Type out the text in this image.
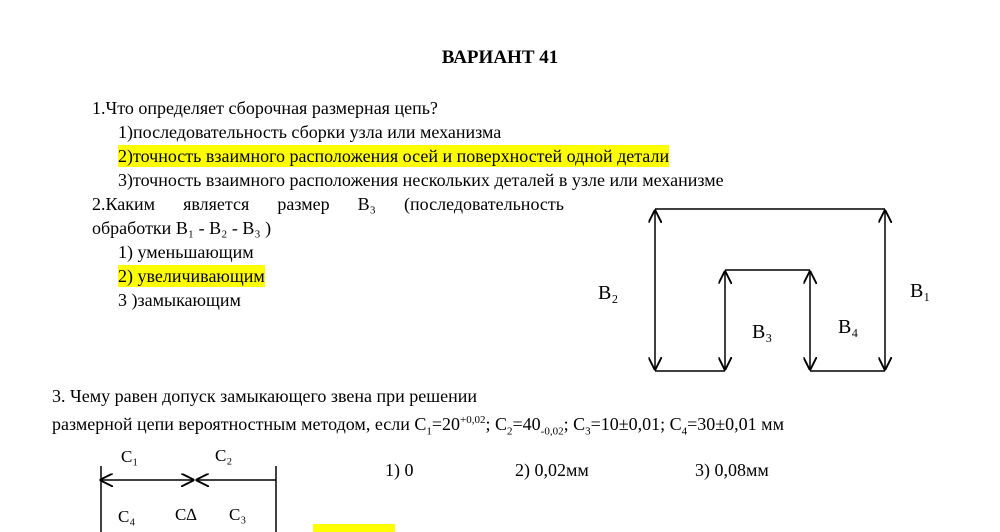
ВАРИАНТ 41
1.Что определяет сборочная размерная цепь?
1)последовательность сборки узла или механизма
2)точность взаимного расположения осей и поверхностей одной детали
3)точность взаимного расположения нескольких деталей в узле или механизме
2.Каким является размер В₃ (последовательность
обработки В₁ - В₂ - В₃ )
1) уменьшающим
2) увеличивающим
3 )замыкающим	В₂	В₁
В₃	В₄
3. Чему равен допуск замыкающего звена при решении
размерной цепи вероятностным методом, если $С_1=20^{+0,02}$; $С_2=40_{-0,02}$; $С_3=10\pm 0,01$; $С_4=30\pm 0,01$ мм
1) 0	2) 0,02мм	3) 0,08мм
С₁	С₂
С₄ С∆ С₃
